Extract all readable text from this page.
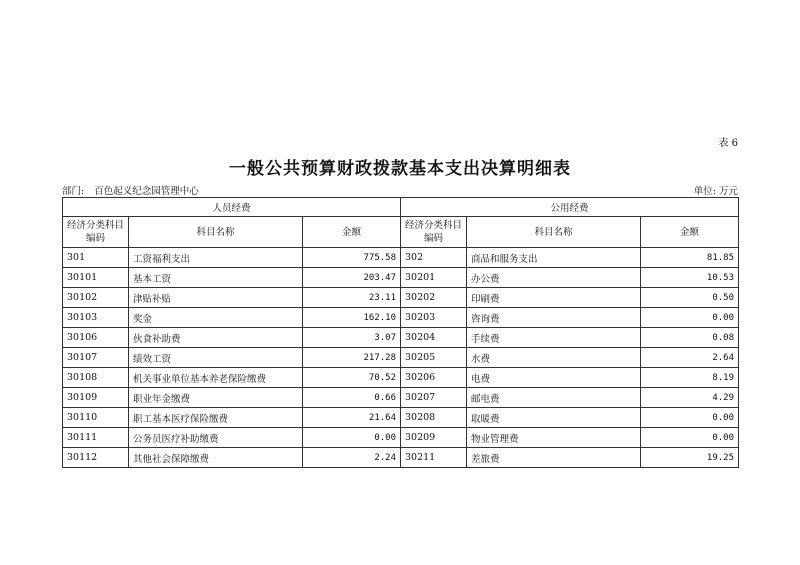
表 6
一般公共预算财政拨款基本支出决算明细表
部门: 百色起义纪念园管理中心	单位: 万元
人员经费			公用经费		
经济分类科目编码	科目名称	金额	经济分类科目编码	科目名称	金额
301	工资福利支出	775.58	302	商品和服务支出	81.85
30101	基本工资	203.47	30201	办公费	10.53
30102	津贴补贴	23.11	30202	印刷费	0.50
30103	奖金	162.10	30203	咨询费	0.00
30106	伙食补助费	3.07	30204	手续费	0.08
30107	绩效工资	217.28	30205	水费	2.64
30108	机关事业单位基本养老保险缴费	70.52	30206	电费	8.19
30109	职业年金缴费	0.66	30207	邮电费	4.29
30110	职工基本医疗保险缴费	21.64	30208	取暖费	0.00
30111	公务员医疗补助缴费	0.00	30209	物业管理费	0.00
30112	其他社会保障缴费	2.24	30211	差旅费	19.25
